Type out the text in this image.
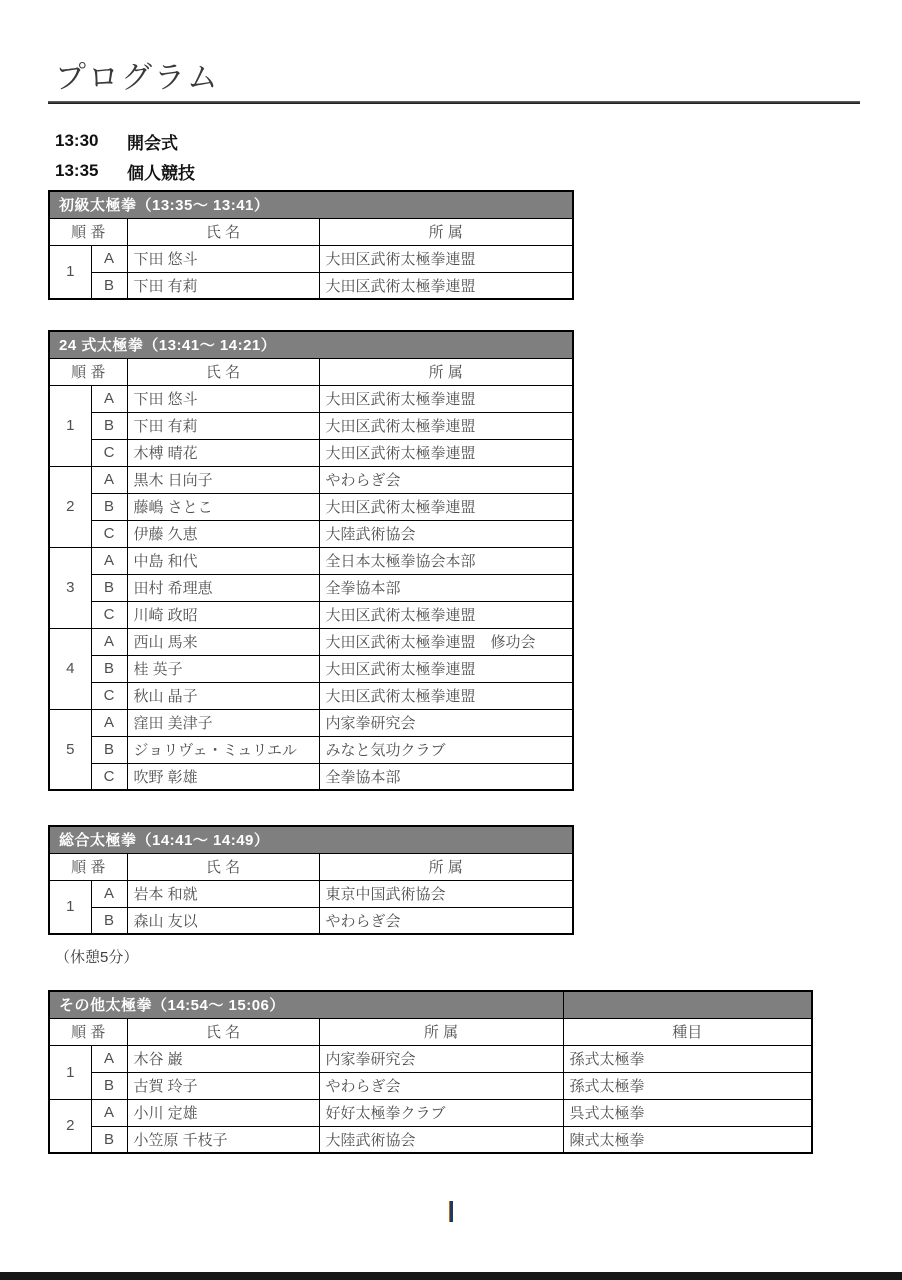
プログラム
13:30	開会式
13:35	個人競技
初級太極拳（13:35〜 13:41）			
順 番		氏 名	所 属
1	A	下田 悠斗	大田区武術太極拳連盟
	B	下田 有莉	大田区武術太極拳連盟
24 式太極拳（13:41〜 14:21）			
順 番		氏 名	所 属
1	A	下田 悠斗	大田区武術太極拳連盟
	B	下田 有莉	大田区武術太極拳連盟
	C	木榑 晴花	大田区武術太極拳連盟
2	A	黒木 日向子	やわらぎ会
	B	藤嶋 さとこ	大田区武術太極拳連盟
	C	伊藤 久恵	大陸武術協会
3	A	中島 和代	全日本太極拳協会本部
	B	田村 希理恵	全拳協本部
	C	川崎 政昭	大田区武術太極拳連盟
4	A	西山 馬来	大田区武術太極拳連盟　修功会
	B	桂 英子	大田区武術太極拳連盟
	C	秋山 晶子	大田区武術太極拳連盟
5	A	窪田 美津子	内家拳研究会
	B	ジョリヴェ・ミュリエル	みなと気功クラブ
	C	吹野 彰雄	全拳協本部
総合太極拳（14:41〜 14:49）			
順 番		氏 名	所 属
1	A	岩本 和就	東京中国武術協会
	B	森山 友以	やわらぎ会
その他太極拳（14:54〜 15:06）				
順 番		氏 名	所 属	種目
1	A	木谷 巌	内家拳研究会	孫式太極拳
	B	古賀 玲子	やわらぎ会	孫式太極拳
2	A	小川 定雄	好好太極拳クラブ	呉式太極拳
	B	小笠原 千枝子	大陸武術協会	陳式太極拳
（休憩5分）
